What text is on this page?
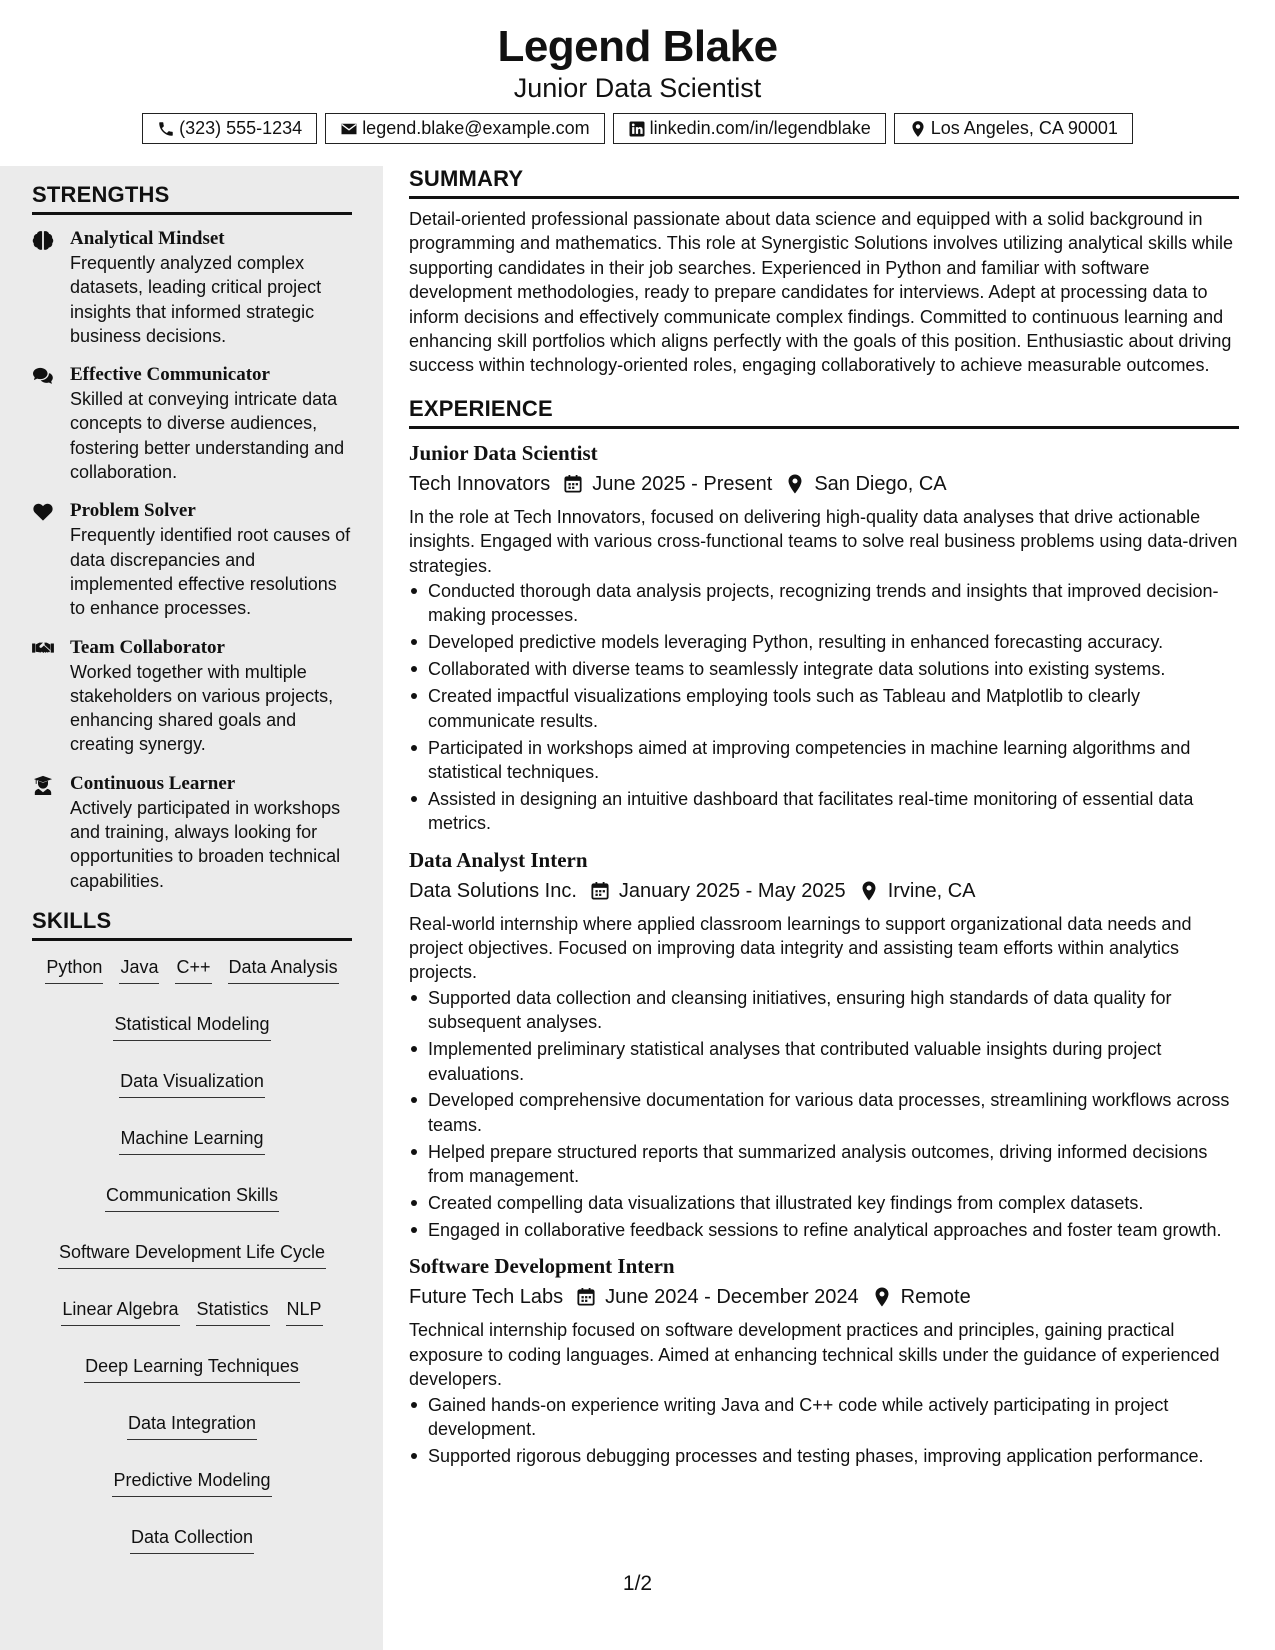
Legend Blake
Junior Data Scientist
(323) 555-1234	legend.blake@example.com	linkedin.com/in/legendblake	Los Angeles, CA 90001
STRENGTHS
Analytical Mindset
Frequently analyzed complex datasets, leading critical project insights that informed strategic business decisions.
Effective Communicator
Skilled at conveying intricate data concepts to diverse audiences, fostering better understanding and collaboration.
Problem Solver
Frequently identified root causes of data discrepancies and implemented effective resolutions to enhance processes.
Team Collaborator
Worked together with multiple stakeholders on various projects, enhancing shared goals and creating synergy.
Continuous Learner
Actively participated in workshops and training, always looking for opportunities to broaden technical capabilities.
SKILLS
Python Java C++ Data Analysis
Statistical Modeling
Data Visualization
Machine Learning
Communication Skills
Software Development Life Cycle
Linear Algebra Statistics NLP
Deep Learning Techniques
Data Integration
Predictive Modeling
Data Collection
SUMMARY
Detail-oriented professional passionate about data science and equipped with a solid background in programming and mathematics. This role at Synergistic Solutions involves utilizing analytical skills while supporting candidates in their job searches. Experienced in Python and familiar with software development methodologies, ready to prepare candidates for interviews. Adept at processing data to inform decisions and effectively communicate complex findings. Committed to continuous learning and enhancing skill portfolios which aligns perfectly with the goals of this position. Enthusiastic about driving success within technology-oriented roles, engaging collaboratively to achieve measurable outcomes.
EXPERIENCE
Junior Data Scientist
Tech Innovators June 2025 - Present San Diego, CA
In the role at Tech Innovators, focused on delivering high-quality data analyses that drive actionable insights. Engaged with various cross-functional teams to solve real business problems using data-driven strategies.
Conducted thorough data analysis projects, recognizing trends and insights that improved decision-making processes.
Developed predictive models leveraging Python, resulting in enhanced forecasting accuracy.
Collaborated with diverse teams to seamlessly integrate data solutions into existing systems.
Created impactful visualizations employing tools such as Tableau and Matplotlib to clearly communicate results.
Participated in workshops aimed at improving competencies in machine learning algorithms and statistical techniques.
Assisted in designing an intuitive dashboard that facilitates real-time monitoring of essential data metrics.
Data Analyst Intern
Data Solutions Inc. January 2025 - May 2025 Irvine, CA
Real-world internship where applied classroom learnings to support organizational data needs and project objectives. Focused on improving data integrity and assisting team efforts within analytics projects.
Supported data collection and cleansing initiatives, ensuring high standards of data quality for subsequent analyses.
Implemented preliminary statistical analyses that contributed valuable insights during project evaluations.
Developed comprehensive documentation for various data processes, streamlining workflows across teams.
Helped prepare structured reports that summarized analysis outcomes, driving informed decisions from management.
Created compelling data visualizations that illustrated key findings from complex datasets.
Engaged in collaborative feedback sessions to refine analytical approaches and foster team growth.
Software Development Intern
Future Tech Labs June 2024 - December 2024 Remote
Technical internship focused on software development practices and principles, gaining practical exposure to coding languages. Aimed at enhancing technical skills under the guidance of experienced developers.
Gained hands-on experience writing Java and C++ code while actively participating in project development.
Supported rigorous debugging processes and testing phases, improving application performance.
1/2
